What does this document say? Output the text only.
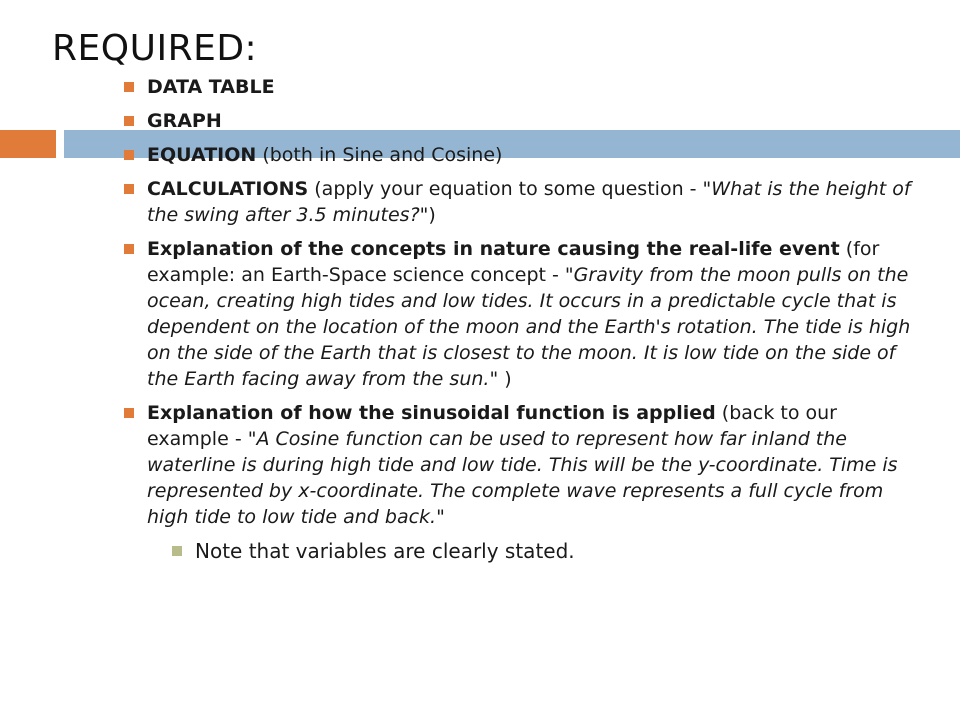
REQUIRED:
DATA TABLE
GRAPH
EQUATION (both in Sine and Cosine)
CALCULATIONS (apply your equation to some question - "What is the height of the swing after 3.5 minutes?")
Explanation of the concepts in nature causing the real-life event (for example: an Earth-Space science concept - "Gravity from the moon pulls on the ocean, creating high tides and low tides. It occurs in a predictable cycle that is dependent on the location of the moon and the Earth's rotation. The tide is high on the side of the Earth that is closest to the moon. It is low tide on the side of the Earth facing away from the sun." )
Explanation of how the sinusoidal function is applied (back to our example - "A Cosine function can be used to represent how far inland the waterline is during high tide and low tide. This will be the y-coordinate. Time is represented by x-coordinate. The complete wave represents a full cycle from high tide to low tide and back."
Note that variables are clearly stated.
